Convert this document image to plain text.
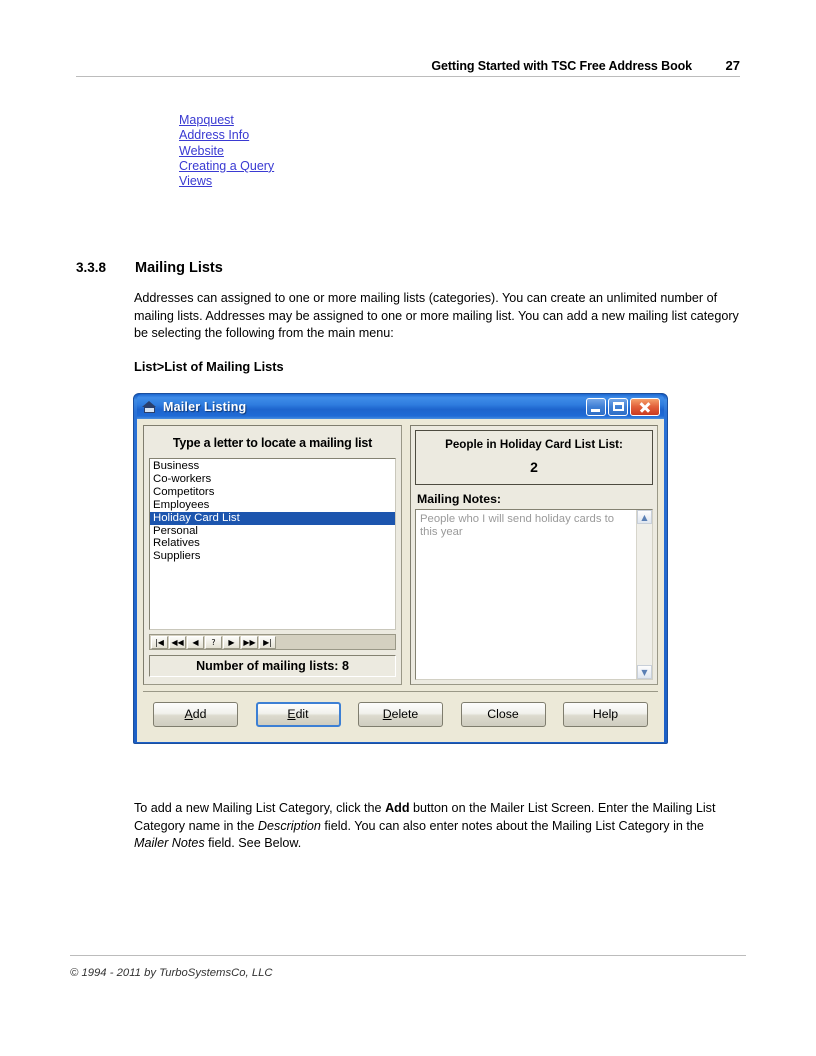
Getting Started with TSC Free Address Book	27
Mapquest
Address Info
Website
Creating a Query
Views
3.3.8	Mailing Lists
Addresses can assigned to one or more mailing lists (categories). You can create an unlimited number of mailing lists. Addresses may be assigned to one or more mailing list. You can add a new mailing list category be selecting the following from the main menu:
List>List of Mailing Lists
Mailer Listing
Type a letter to locate a mailing list
Business
Co-workers
Competitors
Employees
Holiday Card List
Personal
Relatives
Suppliers
|◀ ◀◀	◀	?	▶	▶▶ ▶|
Number of mailing lists: 8
People in Holiday Card List List:
2
Mailing Notes:
People who I will send holiday cards to this year
▲
▼
A dd	E dit	D elete	Close	Help
To add a new Mailing List Category, click the Add button on the Mailer List Screen. Enter the Mailing List Category name in the Description field. You can also enter notes about the Mailing List Category in the Mailer Notes field. See Below.
© 1994 - 2011 by TurboSystemsCo, LLC
